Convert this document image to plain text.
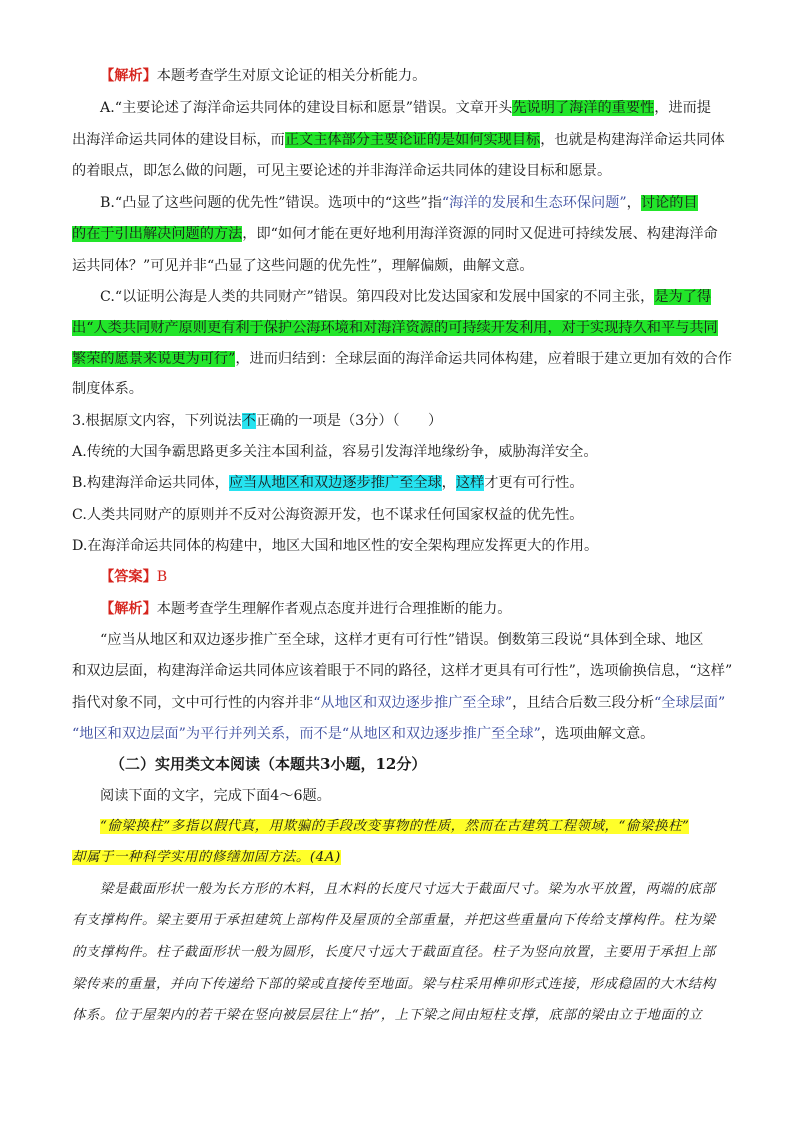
【解析】本题考查学生对原文论证的相关分析能力。
A.“主要论述了海洋命运共同体的建设目标和愿景”错误。文章开头先说明了海洋的重要性，进而提
出海洋命运共同体的建设目标，而正文主体部分主要论证的是如何实现目标，也就是构建海洋命运共同体
的着眼点，即怎么做的问题，可见主要论述的并非海洋命运共同体的建设目标和愿景。
B.“凸显了这些问题的优先性”错误。选项中的“这些”指“海洋的发展和生态环保问题”，讨论的目
的在于引出解决问题的方法，即“如何才能在更好地利用海洋资源的同时又促进可持续发展、构建海洋命
运共同体？”可见并非“凸显了这些问题的优先性”，理解偏颇，曲解文意。
C.“以证明公海是人类的共同财产”错误。第四段对比发达国家和发展中国家的不同主张，是为了得
出“人类共同财产原则更有利于保护公海环境和对海洋资源的可持续开发利用，对于实现持久和平与共同
繁荣的愿景来说更为可行”，进而归结到：全球层面的海洋命运共同体构建，应着眼于建立更加有效的合作
制度体系。
3.根据原文内容，下列说法不正确的一项是（3分）（　　）
A.传统的大国争霸思路更多关注本国利益，容易引发海洋地缘纷争，威胁海洋安全。
B.构建海洋命运共同体，应当从地区和双边逐步推广至全球，这样才更有可行性。
C.人类共同财产的原则并不反对公海资源开发，也不谋求任何国家权益的优先性。
D.在海洋命运共同体的构建中，地区大国和地区性的安全架构理应发挥更大的作用。
【答案】B
【解析】本题考查学生理解作者观点态度并进行合理推断的能力。
“应当从地区和双边逐步推广至全球，这样才更有可行性”错误。倒数第三段说“具体到全球、地区
和双边层面，构建海洋命运共同体应该着眼于不同的路径，这样才更具有可行性”，选项偷换信息，“这样”
指代对象不同，文中可行性的内容并非“从地区和双边逐步推广至全球”，且结合后数三段分析“全球层面”
“地区和双边层面”为平行并列关系，而不是“从地区和双边逐步推广至全球”，选项曲解文意。
（二）实用类文本阅读（本题共3小题，12分）
阅读下面的文字，完成下面4～6题。
“偷梁换柱”多指以假代真，用欺骗的手段改变事物的性质，然而在古建筑工程领域，“偷梁换柱”
却属于一种科学实用的修缮加固方法。(4A)
梁是截面形状一般为长方形的木料，且木料的长度尺寸远大于截面尺寸。梁为水平放置，两端的底部
有支撑构件。梁主要用于承担建筑上部构件及屋顶的全部重量，并把这些重量向下传给支撑构件。柱为梁
的支撑构件。柱子截面形状一般为圆形，长度尺寸远大于截面直径。柱子为竖向放置，主要用于承担上部
梁传来的重量，并向下传递给下部的梁或直接传至地面。梁与柱采用榫卯形式连接，形成稳固的大木结构
体系。位于屋架内的若干梁在竖向被层层往上“抬”，上下梁之间由短柱支撑，底部的梁由立于地面的立
